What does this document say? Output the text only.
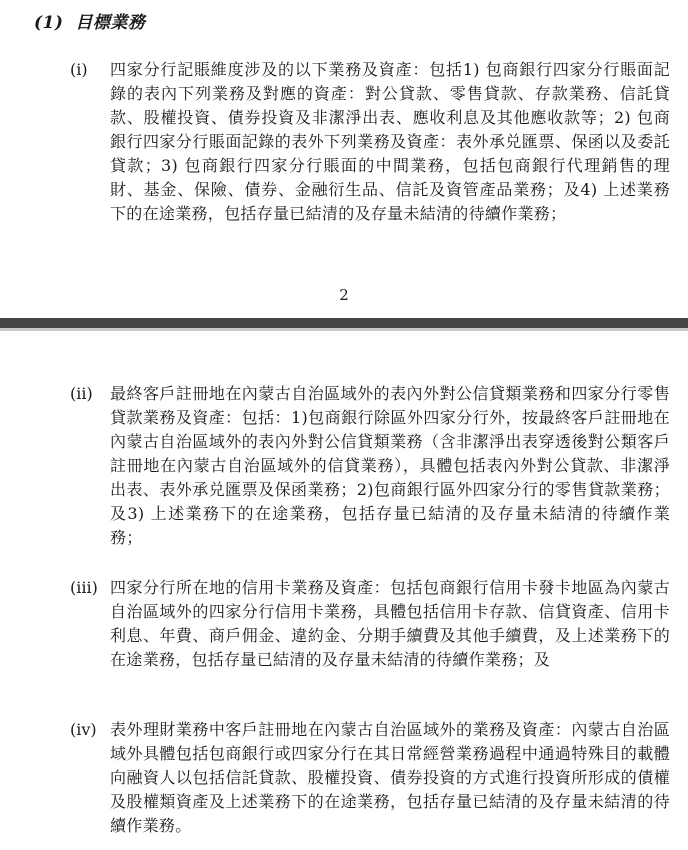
(1) 目標業務
(i)	四家分行記賬維度涉及的以下業務及資產：包括1) 包商銀行四家分行賬面記錄的表內下列業務及對應的資產：對公貸款、零售貸款、存款業務、信託貸款、股權投資、債券投資及非潔淨出表、應收利息及其他應收款等；2) 包商銀行四家分行賬面記錄的表外下列業務及資產：表外承兑匯票、保函以及委託貸款；3) 包商銀行四家分行賬面的中間業務，包括包商銀行代理銷售的理財、基金、保險、債券、金融衍生品、信託及資管產品業務；及4) 上述業務下的在途業務，包括存量已結清的及存量未結清的待續作業務；
2
(ii)	最終客戶註冊地在內蒙古自治區域外的表內外對公信貸類業務和四家分行零售貸款業務及資產：包括：1)包商銀行除區外四家分行外，按最終客戶註冊地在內蒙古自治區域外的表內外對公信貸類業務（含非潔淨出表穿透後對公類客戶註冊地在內蒙古自治區域外的信貸業務），具體包括表內外對公貸款、非潔淨出表、表外承兑匯票及保函業務；2)包商銀行區外四家分行的零售貸款業務；及3) 上述業務下的在途業務，包括存量已結清的及存量未結清的待續作業務；
(iii) 四家分行所在地的信用卡業務及資產：包括包商銀行信用卡發卡地區為內蒙古自治區域外的四家分行信用卡業務，具體包括信用卡存款、信貸資產、信用卡利息、年費、商戶佣金、違約金、分期手續費及其他手續費，及上述業務下的在途業務，包括存量已結清的及存量未結清的待續作業務；及
(iv) 表外理財業務中客戶註冊地在內蒙古自治區域外的業務及資產：內蒙古自治區域外具體包括包商銀行或四家分行在其日常經營業務過程中通過特殊目的載體向融資人以包括信託貸款、股權投資、債券投資的方式進行投資所形成的債權及股權類資產及上述業務下的在途業務，包括存量已結清的及存量未結清的待續作業務。
